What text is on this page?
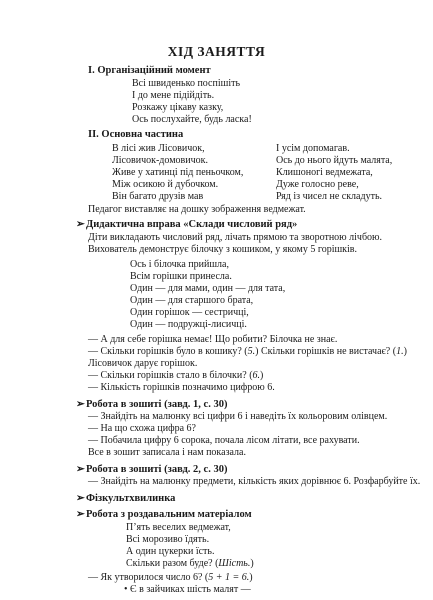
ХІД ЗАНЯТТЯ
І. Організаційний момент
Всі швиденько поспішіть
І до мене підійдіть.
Розкажу цікаву казку,
Ось послухайте, будь ласка!
ІІ. Основна частина
В лісі жив Лісовичок,
Лісовичок-домовичок.
Живе у хатинці під пеньочком,
Між осикою й дубочком.
Він багато друзів мав
І усім допомагав.
Ось до нього йдуть малята,
Клишоногі ведмежата,
Дуже голосно реве,
Ряд із чисел не складуть.
Педагог виставляє на дошку зображення ведмежат.
➢Дидактична вправа «Склади числовий ряд»
Діти викладають числовий ряд, лічать прямою та зворотною лічбою.
Вихователь демонструє білочку з кошиком, у якому 5 горішків.
Ось і білочка прийшла,
Всім горішки принесла.
Один — для мами, один — для тата,
Один — для старшого брата,
Один горішок — сестричці,
Один — подружці-лисичці.
— А для себе горішка немає! Що робити? Білочка не знає.
— Скільки горішків було в кошику? (5.) Скільки горішків не вистачає? (1.)
Лісовичок дарує горішок.
— Скільки горішків стало в білочки? (6.)
— Кількість горішків позначимо цифрою 6.
➢Робота в зошиті (завд. 1, с. 30)
— Знайдіть на малюнку всі цифри 6 і наведіть їх кольоровим олівцем.
— На що схожа цифра 6?
— Побачила цифру 6 сорока, почала лісом літати, все рахувати.
Все в зошит записала і нам показала.
➢Робота в зошиті (завд. 2, с. 30)
— Знайдіть на малюнку предмети, кількість яких дорівнює 6. Розфарбуйте їх.
➢Фізкультхвилинка
➢Робота з роздавальним матеріалом
П’ять веселих ведмежат,
Всі морозиво їдять.
А один цукерки їсть.
Скільки разом буде? (Шість.)
— Як утворилося число 6? (5 + 1 = 6.)
• Є в зайчиках шість малят —
